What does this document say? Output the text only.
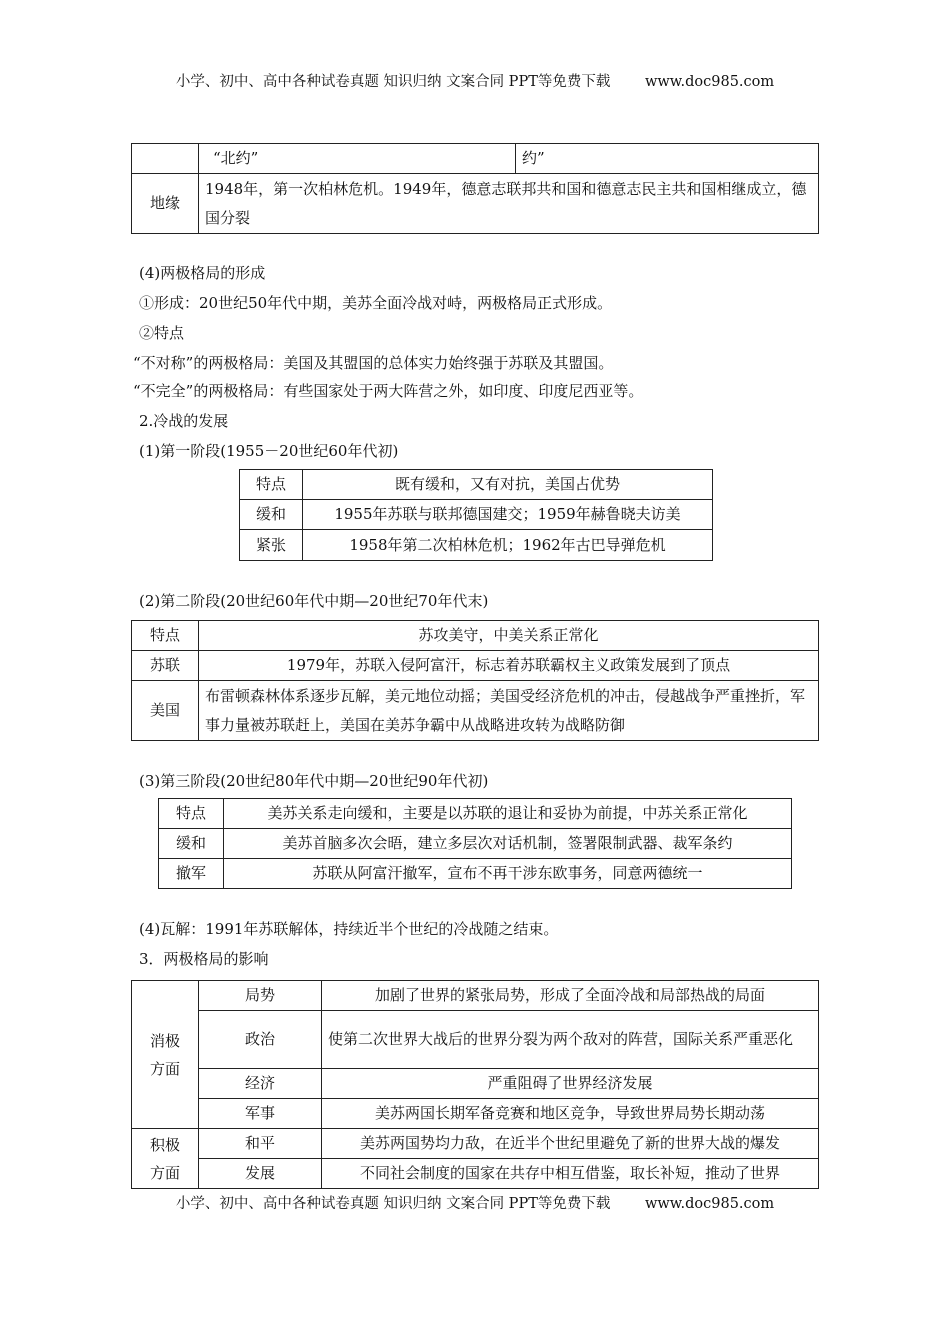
小学、初中、高中各种试卷真题 知识归纳 文案合同 PPT等免费下载 www.doc985.com
	“北约”	约”
地缘	1948年，第一次柏林危机。1949年，德意志联邦共和国和德意志民主共和国相继成立，德国分裂	
(4)两极格局的形成
①形成：20世纪50年代中期，美苏全面冷战对峙，两极格局正式形成。
②特点
“不对称”的两极格局：美国及其盟国的总体实力始终强于苏联及其盟国。
“不完全”的两极格局：有些国家处于两大阵营之外，如印度、印度尼西亚等。
2.冷战的发展
(1)第一阶段(1955－20世纪60年代初)
特点	既有缓和，又有对抗，美国占优势
缓和	1955年苏联与联邦德国建交；1959年赫鲁晓夫访美
紧张	1958年第二次柏林危机；1962年古巴导弹危机
(2)第二阶段(20世纪60年代中期—20世纪70年代末)
特点	苏攻美守，中美关系正常化
苏联	1979年，苏联入侵阿富汗，标志着苏联霸权主义政策发展到了顶点
美国	布雷顿森林体系逐步瓦解，美元地位动摇；美国受经济危机的冲击，侵越战争严重挫折，军事力量被苏联赶上，美国在美苏争霸中从战略进攻转为战略防御
(3)第三阶段(20世纪80年代中期—20世纪90年代初)
特点	美苏关系走向缓和，主要是以苏联的退让和妥协为前提，中苏关系正常化
缓和	美苏首脑多次会晤，建立多层次对话机制，签署限制武器、裁军条约
撤军	苏联从阿富汗撤军，宣布不再干涉东欧事务，同意两德统一
(4)瓦解：1991年苏联解体，持续近半个世纪的冷战随之结束。
3．两极格局的影响
消极方面	局势	加剧了世界的紧张局势，形成了全面冷战和局部热战的局面
	政治	使第二次世界大战后的世界分裂为两个敌对的阵营，国际关系严重恶化
	经济	严重阻碍了世界经济发展
	军事	美苏两国长期军备竞赛和地区竞争，导致世界局势长期动荡
积极方面	和平	美苏两国势均力敌，在近半个世纪里避免了新的世界大战的爆发
	发展	不同社会制度的国家在共存中相互借鉴，取长补短，推动了世界
小学、初中、高中各种试卷真题 知识归纳 文案合同 PPT等免费下载 www.doc985.com
